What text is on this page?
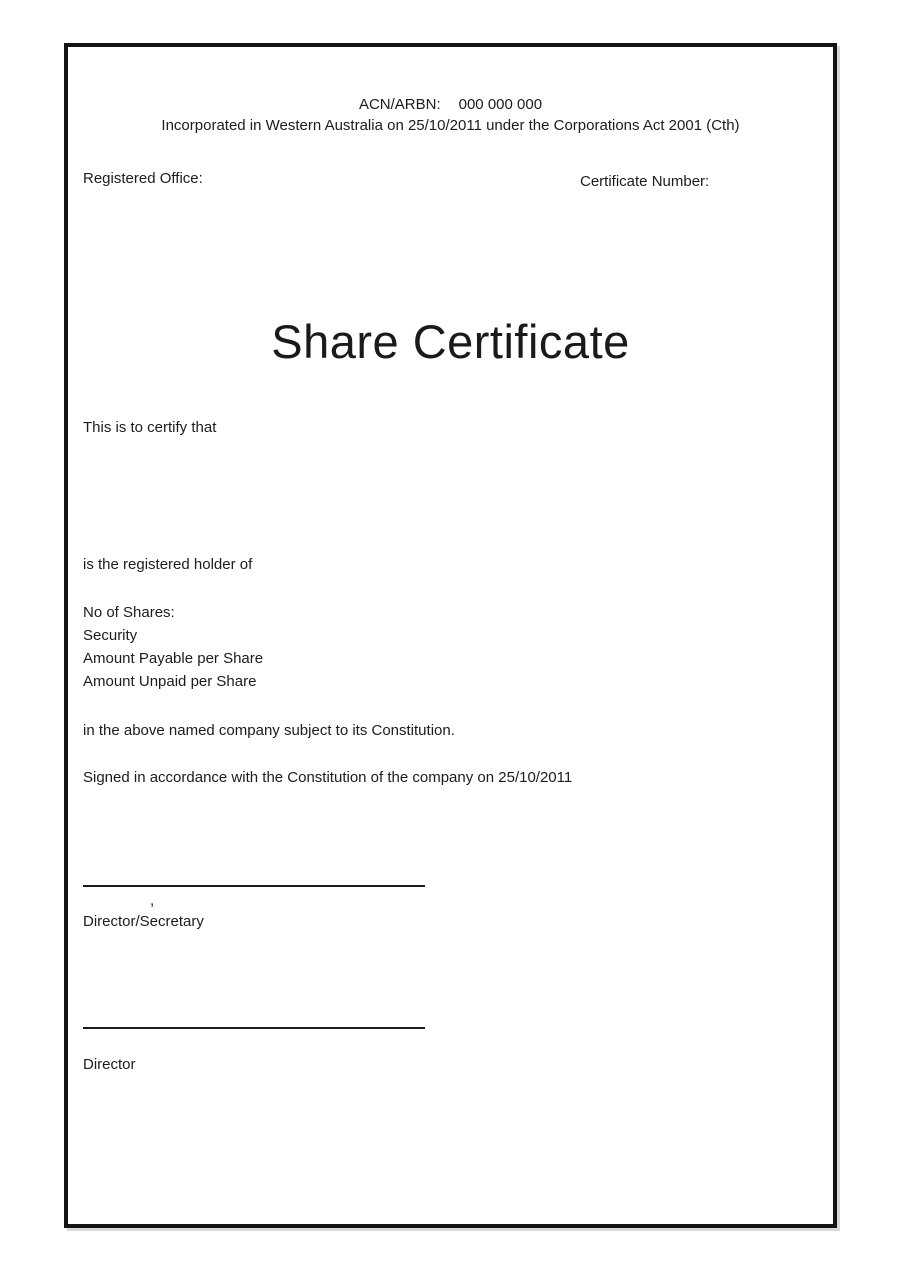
ACN/ARBN: 000 000 000
Incorporated in Western Australia on 25/10/2011 under the Corporations Act 2001 (Cth)
Registered Office:	Certificate Number:
Share Certificate
This is to certify that
is the registered holder of
No of Shares:
Security
Amount Payable per Share
Amount Unpaid per Share
in the above named company subject to its Constitution.
Signed in accordance with the Constitution of the company on 25/10/2011
,
Director/Secretary
Director
